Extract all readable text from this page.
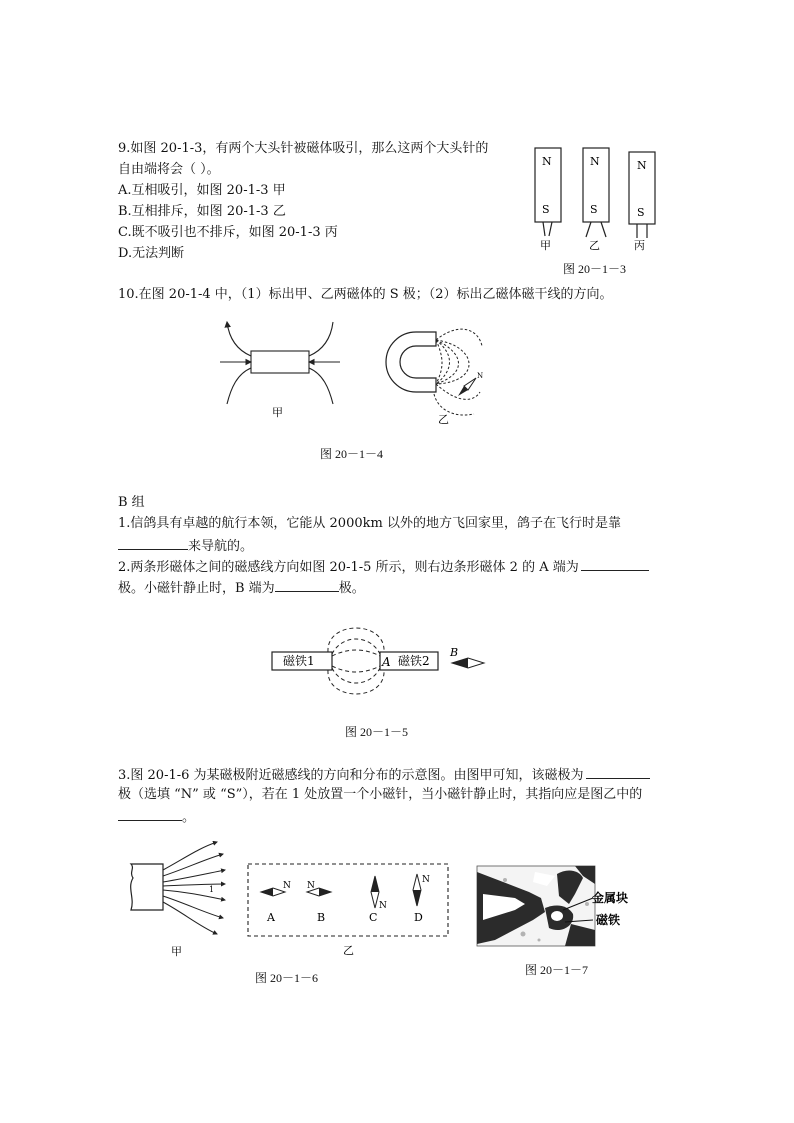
9.如图 20-1-3，有两个大头针被磁体吸引，那么这两个大头针的
自由端将会（ ）。
A.互相吸引，如图 20-1-3 甲
B.互相排斥，如图 20-1-3 乙
C.既不吸引也不排斥，如图 20-1-3 丙
D.无法判断
N
S
N
S
N
S
甲	乙	丙
图 20－1－3
10.在图 20-1-4 中，（1）标出甲、乙两磁体的 S 极；（2）标出乙磁体磁干线的方向。
甲
N
乙
图 20－1－4
B 组
1.信鸽具有卓越的航行本领，它能从 2000km 以外的地方飞回家里，鸽子在飞行时是靠
来导航的。
2.两条形磁体之间的磁感线方向如图 20-1-5 所示，则右边条形磁体 2 的 A 端为
极。小磁针静止时，B 端为	极。
磁铁1	A 磁铁2
B
图 20－1－5
3.图 20-1-6 为某磁极附近磁感线的方向和分布的示意图。由图甲可知，该磁极为
极（选填 “N” 或 “S”），若在 1 处放置一个小磁针，当小磁针静止时，其指向应是图乙中的
。
1
甲
N N
N
N
A	B	C	D
乙
图 20－1－6
金属块
磁铁
图 20－1－7
